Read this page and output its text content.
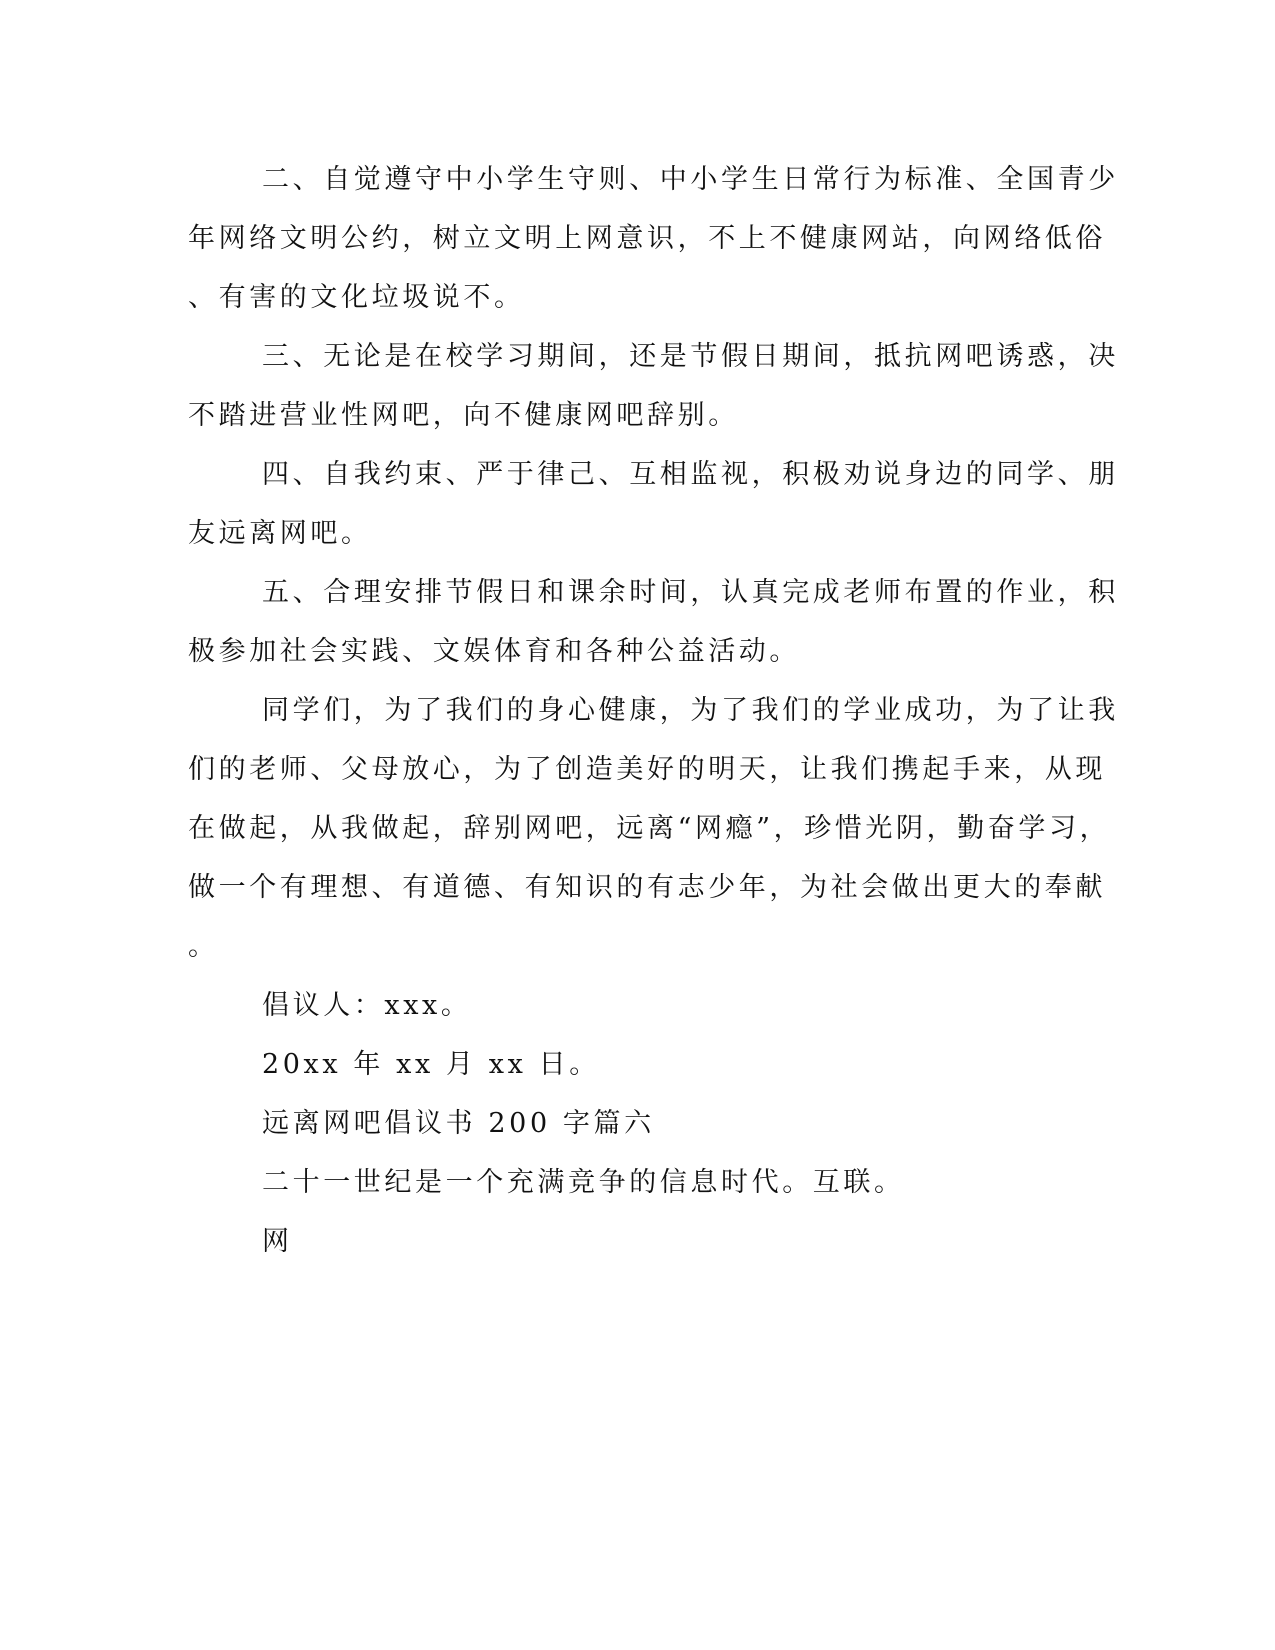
二、自觉遵守中小学生守则、中小学生日常行为标准、全国青少
年网络文明公约，树立文明上网意识，不上不健康网站，向网络低俗
、有害的文化垃圾说不。
三、无论是在校学习期间，还是节假日期间，抵抗网吧诱惑，决
不踏进营业性网吧，向不健康网吧辞别。
四、自我约束、严于律己、互相监视，积极劝说身边的同学、朋
友远离网吧。
五、合理安排节假日和课余时间，认真完成老师布置的作业，积
极参加社会实践、文娱体育和各种公益活动。
同学们，为了我们的身心健康，为了我们的学业成功，为了让我
们的老师、父母放心，为了创造美好的明天，让我们携起手来，从现
在做起，从我做起，辞别网吧，远离“网瘾”，珍惜光阴，勤奋学习，
做一个有理想、有道德、有知识的有志少年，为社会做出更大的奉献
。
倡议人：xxx。
20xx 年 xx 月 xx 日。
远离网吧倡议书 200 字篇六
二十一世纪是一个充满竞争的信息时代。互联。
网
